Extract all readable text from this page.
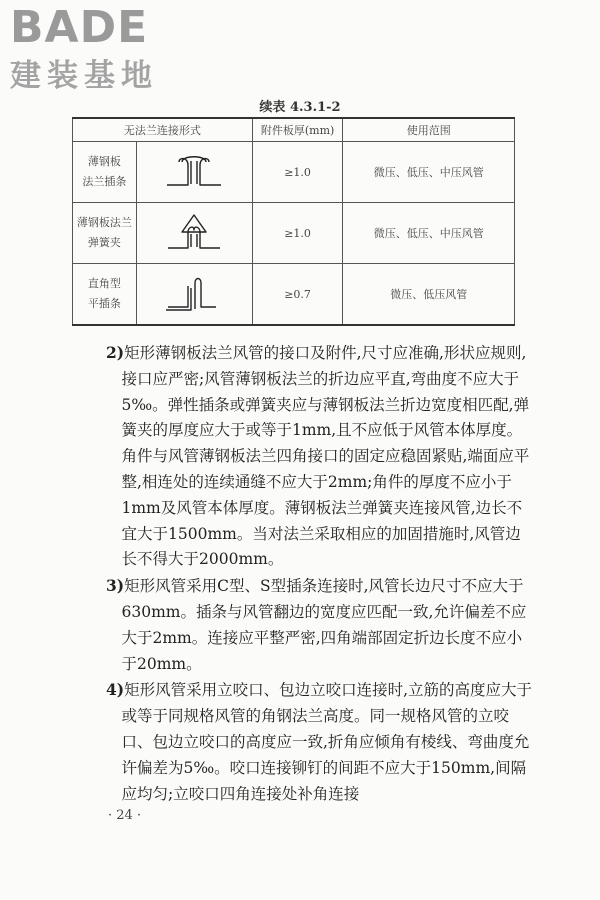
BADE
建装基地
续表 4.3.1-2
无法兰连接形式		附件板厚(mm)	使用范围

薄钢板
法兰插条		≥1.0	微压、低压、中压风管

薄钢板法兰
弹簧夹		≥1.0	微压、低压、中压风管

直角型
平插条		≥0.7	微压、低压风管

2)矩形薄钢板法兰风管的接口及附件,尺寸应准确,形状应规则,接口应严密;风管薄钢板法兰的折边应平直,弯曲度不应大于5‰。弹性插条或弹簧夹应与薄钢板法兰折边宽度相匹配,弹簧夹的厚度应大于或等于1mm,且不应低于风管本体厚度。角件与风管薄钢板法兰四角接口的固定应稳固紧贴,端面应平整,相连处的连续通缝不应大于2mm;角件的厚度不应小于1mm及风管本体厚度。薄钢板法兰弹簧夹连接风管,边长不宜大于1500mm。当对法兰采取相应的加固措施时,风管边长不得大于2000mm。

3)矩形风管采用C型、S型插条连接时,风管长边尺寸不应大于630mm。插条与风管翻边的宽度应匹配一致,允许偏差不应大于2mm。连接应平整严密,四角端部固定折边长度不应小于20mm。

4)矩形风管采用立咬口、包边立咬口连接时,立筋的高度应大于或等于同规格风管的角钢法兰高度。同一规格风管的立咬口、包边立咬口的高度应一致,折角应倾角有棱线、弯曲度允许偏差为5‰。咬口连接铆钉的间距不应大于150mm,间隔应均匀;立咬口四角连接处补角连接

· 24 ·
